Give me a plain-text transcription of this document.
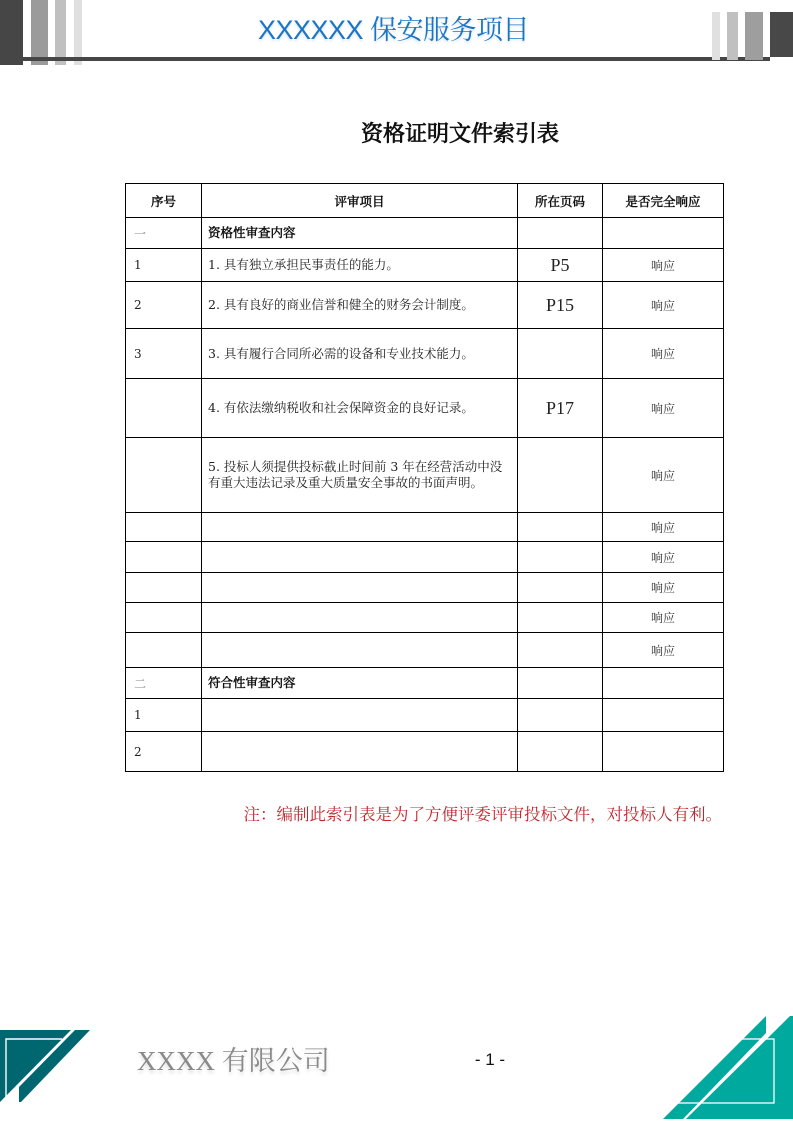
XXXXXX 保安服务项目
资格证明文件索引表
序号	评审项目	所在页码	是否完全响应
一	资格性审查内容		
1	1. 具有独立承担民事责任的能力。	P5	响应
2	2. 具有良好的商业信誉和健全的财务会计制度。	P15	响应
3	3. 具有履行合同所必需的设备和专业技术能力。		响应
	4. 有依法缴纳税收和社会保障资金的良好记录。	P17	响应
	5. 投标人须提供投标截止时间前 3 年在经营活动中没有重大违法记录及重大质量安全事故的书面声明。		响应
			响应
			响应
			响应
			响应
			响应
二	符合性审查内容		
1			
2			
注：编制此索引表是为了方便评委评审投标文件，对投标人有利。
XXXX 有限公司	- 1 -
